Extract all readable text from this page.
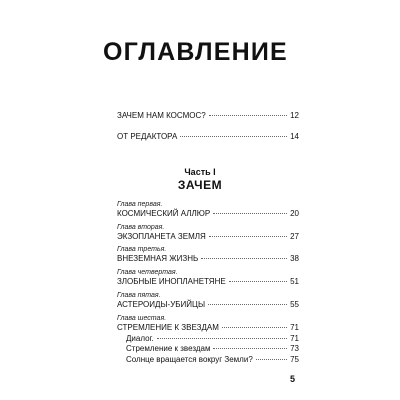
ОГЛАВЛЕНИЕ
ЗАЧЕМ НАМ КОСМОС?	12
ОТ РЕДАКТОРА	14
Часть I
ЗАЧЕМ
Глава первая.
КОСМИЧЕСКИЙ АЛЛЮР	20
Глава вторая.
ЭКЗОПЛАНЕТА ЗЕМЛЯ	27
Глава третья.
ВНЕЗЕМНАЯ ЖИЗНЬ	38
Глава четвертая.
ЗЛОБНЫЕ ИНОПЛАНЕТЯНЕ	51
Глава пятая.
АСТЕРОИДЫ-УБИЙЦЫ	55
Глава шестая.
СТРЕМЛЕНИЕ К ЗВЕЗДАМ	71
Диалог.	71
Стремление к звездам	73
Солнце вращается вокруг Земли?	75
5
